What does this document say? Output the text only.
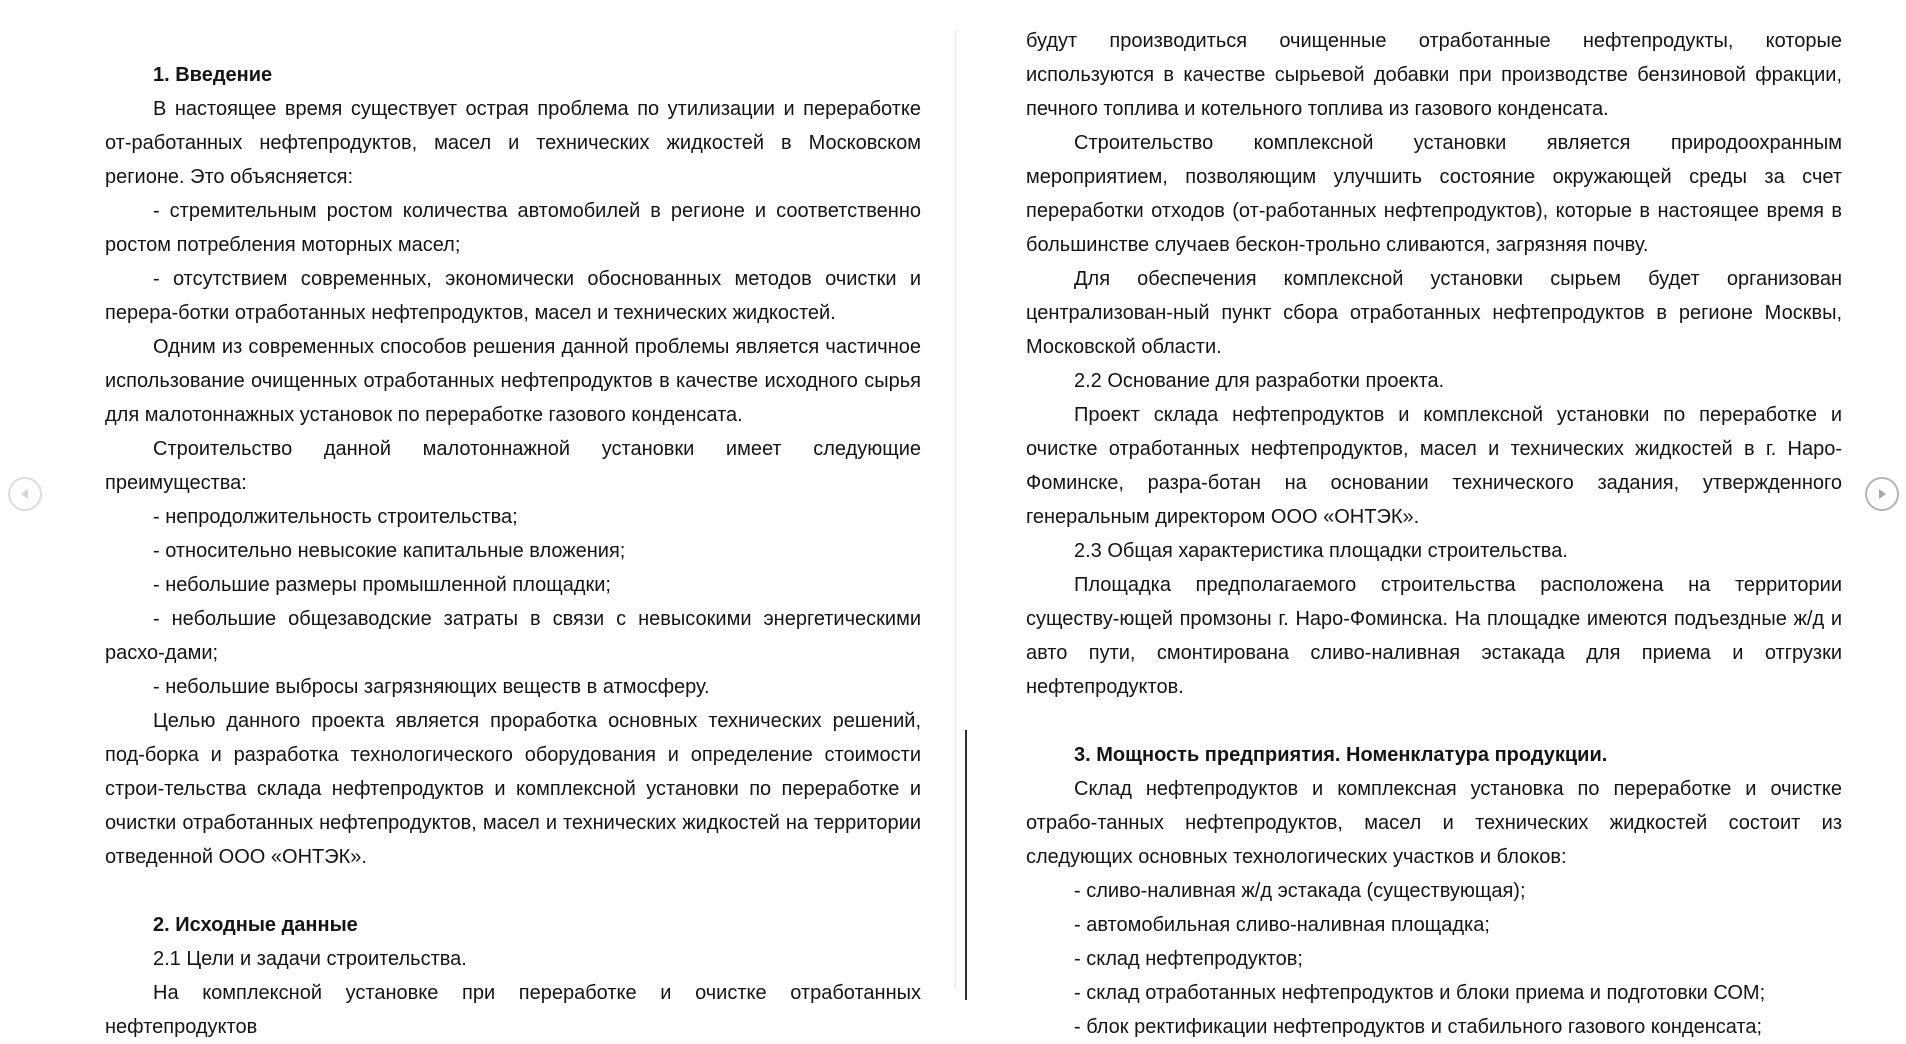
1. Введение

В настоящее время существует острая проблема по утилизации и переработке от-работанных нефтепродуктов, масел и технических жидкостей в Московском регионе. Это объясняется:

- стремительным ростом количества автомобилей в регионе и соответственно ростом потребления моторных масел;

- отсутствием современных, экономически обоснованных методов очистки и перера-ботки отработанных нефтепродуктов, масел и технических жидкостей.

Одним из современных способов решения данной проблемы является частичное использование очищенных отработанных нефтепродуктов в качестве исходного сырья для малотоннажных установок по переработке газового конденсата.

Строительство данной малотоннажной установки имеет следующие преимущества:

- непродолжительность строительства;

- относительно невысокие капитальные вложения;

- небольшие размеры промышленной площадки;

- небольшие общезаводские затраты в связи с невысокими энергетическими расхо-дами;

- небольшие выбросы загрязняющих веществ в атмосферу.

Целью данного проекта является проработка основных технических решений, под-борка и разработка технологического оборудования и определение стоимости строи-тельства склада нефтепродуктов и комплексной установки по переработке и очистки отработанных нефтепродуктов, масел и технических жидкостей на территории отведенной ООО «ОНТЭК».

2. Исходные данные

2.1 Цели и задачи строительства.

На комплексной установке при переработке и очистке отработанных нефтепродуктов

будут производиться очищенные отработанные нефтепродукты, которые используются в качестве сырьевой добавки при производстве бензиновой фракции, печного топлива и котельного топлива из газового конденсата.

Строительство комплексной установки является природоохранным мероприятием, позволяющим улучшить состояние окружающей среды за счет переработки отходов (от-работанных нефтепродуктов), которые в настоящее время в большинстве случаев бескон-трольно сливаются, загрязняя почву.

Для обеспечения комплексной установки сырьем будет организован централизован-ный пункт сбора отработанных нефтепродуктов в регионе Москвы, Московской области.

2.2 Основание для разработки проекта.

Проект склада нефтепродуктов и комплексной установки по переработке и очистке отработанных нефтепродуктов, масел и технических жидкостей в г. Наро-Фоминске, разра-ботан на основании технического задания, утвержденного генеральным директором ООО «ОНТЭК».

2.3 Общая характеристика площадки строительства.

Площадка предполагаемого строительства расположена на территории существу-ющей промзоны г. Наро-Фоминска. На площадке имеются подъездные ж/д и авто пути, смонтирована сливо-наливная эстакада для приема и отгрузки нефтепродуктов.

3. Мощность предприятия. Номенклатура продукции.

Склад нефтепродуктов и комплексная установка по переработке и очистке отрабо-танных нефтепродуктов, масел и технических жидкостей состоит из следующих основных технологических участков и блоков:

- сливо-наливная ж/д эстакада (существующая);

- автомобильная сливо-наливная площадка;

- склад нефтепродуктов;

- склад отработанных нефтепродуктов и блоки приема и подготовки СОМ;

- блок ректификации нефтепродуктов и стабильного газового конденсата;
